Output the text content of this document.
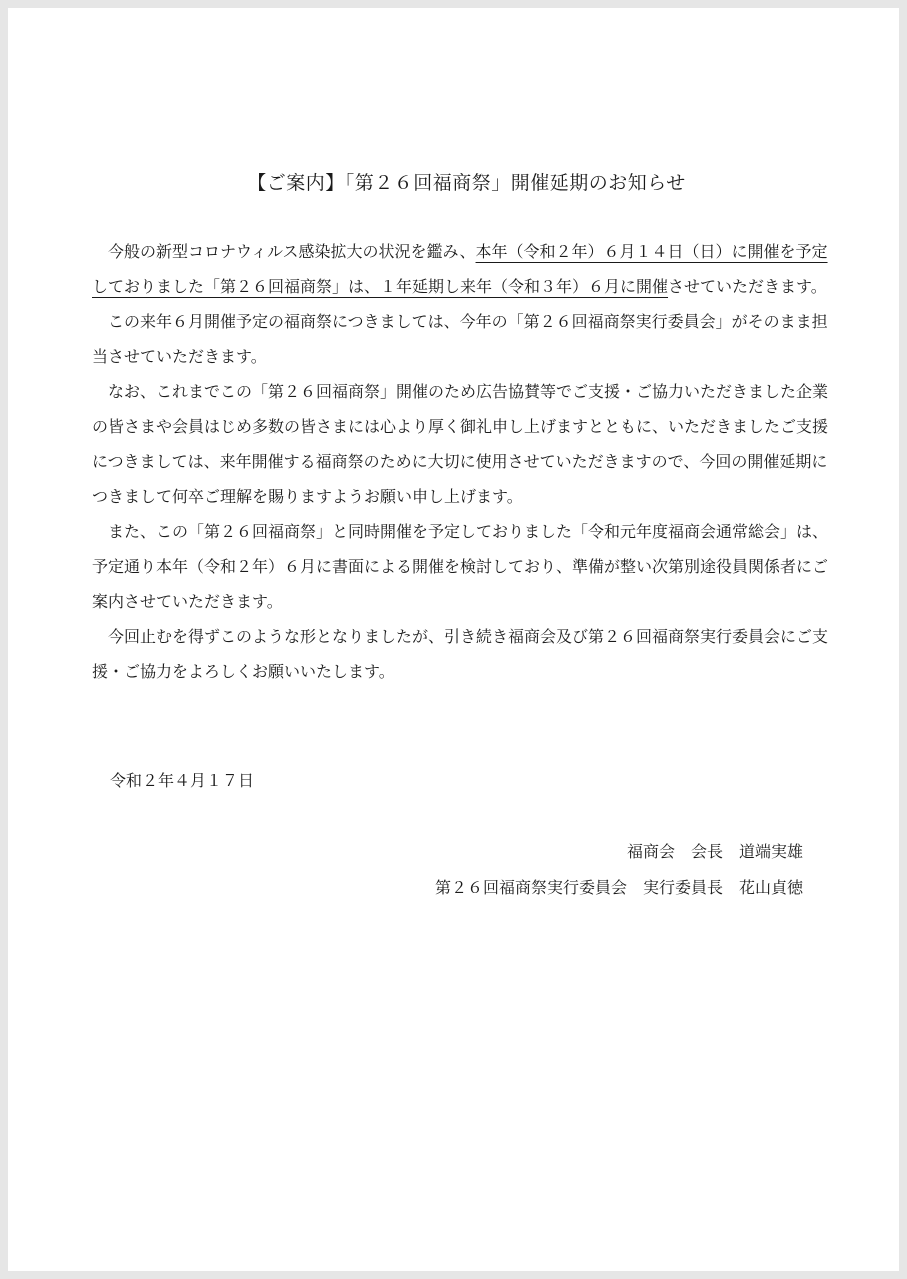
【ご案内】「第２６回福商祭」開催延期のお知らせ

今般の新型コロナウィルス感染拡大の状況を鑑み、本年（令和２年）６月１４日（日）に開催を予定しておりました「第２６回福商祭」は、１年延期し来年（令和３年）６月に開催させていただきます。

この来年６月開催予定の福商祭につきましては、今年の「第２６回福商祭実行委員会」がそのまま担当させていただきます。

なお、これまでこの「第２６回福商祭」開催のため広告協賛等でご支援・ご協力いただきました企業の皆さまや会員はじめ多数の皆さまには心より厚く御礼申し上げますとともに、いただきましたご支援につきましては、来年開催する福商祭のために大切に使用させていただきますので、今回の開催延期につきまして何卒ご理解を賜りますようお願い申し上げます。

また、この「第２６回福商祭」と同時開催を予定しておりました「令和元年度福商会通常総会」は、予定通り本年（令和２年）６月に書面による開催を検討しており、準備が整い次第別途役員関係者にご案内させていただきます。

今回止むを得ずこのような形となりましたが、引き続き福商会及び第２６回福商祭実行委員会にご支援・ご協力をよろしくお願いいたします。

令和２年４月１７日
福商会　会長　道端実雄
第２６回福商祭実行委員会　実行委員長　花山貞徳
